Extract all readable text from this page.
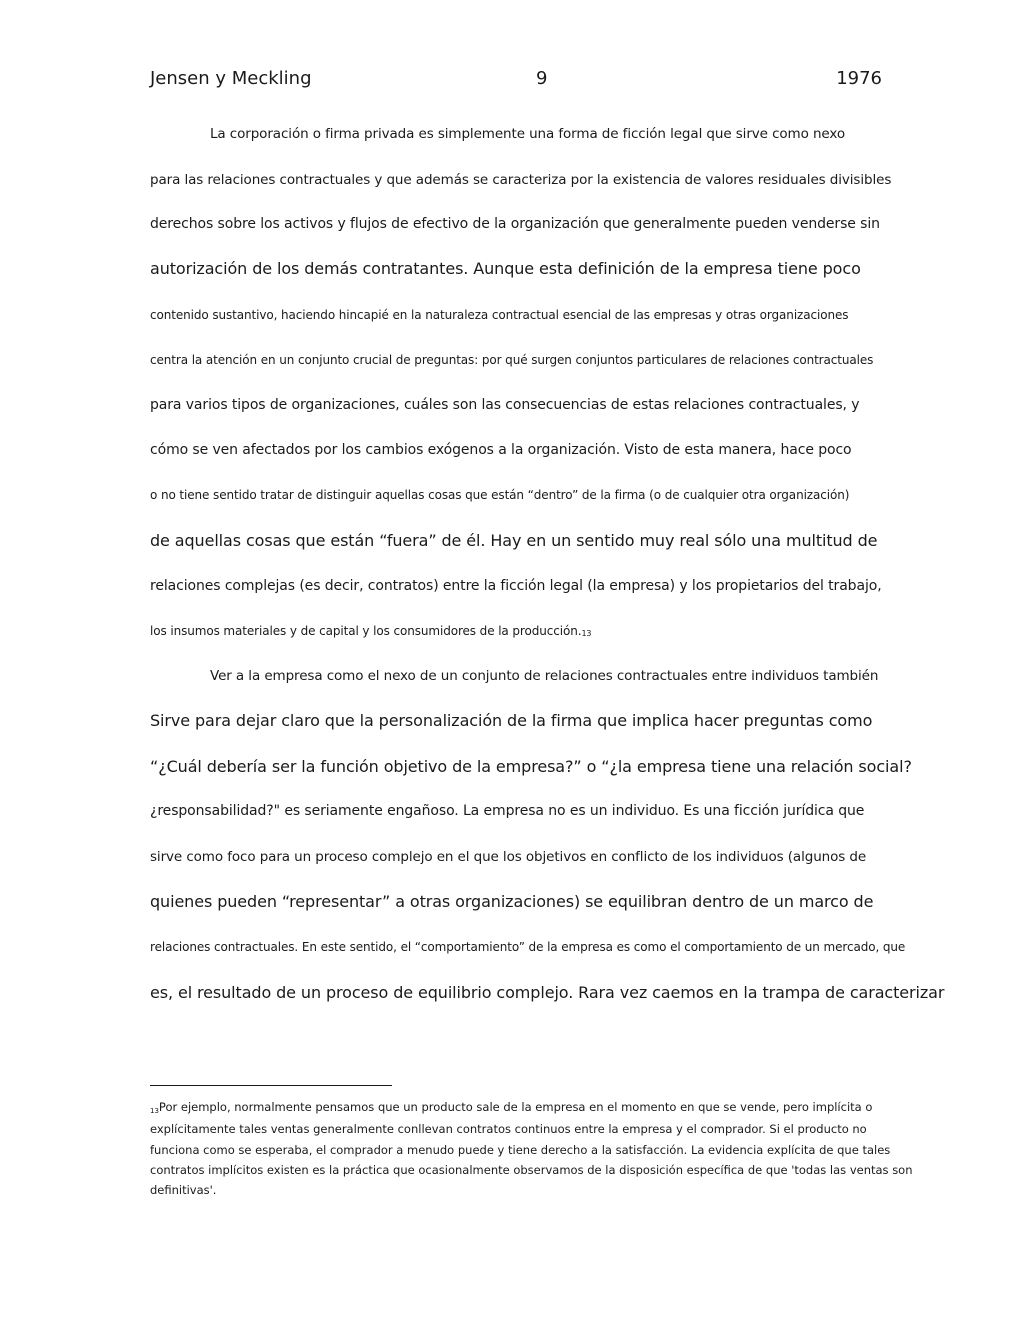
Jensen y Meckling	9	1976
La corporación o firma privada es simplemente una forma de ficción legal que sirve como nexo
para las relaciones contractuales y que además se caracteriza por la existencia de valores residuales divisibles
derechos sobre los activos y flujos de efectivo de la organización que generalmente pueden venderse sin
autorización de los demás contratantes. Aunque esta definición de la empresa tiene poco
contenido sustantivo, haciendo hincapié en la naturaleza contractual esencial de las empresas y otras organizaciones
centra la atención en un conjunto crucial de preguntas: por qué surgen conjuntos particulares de relaciones contractuales
para varios tipos de organizaciones, cuáles son las consecuencias de estas relaciones contractuales, y
cómo se ven afectados por los cambios exógenos a la organización. Visto de esta manera, hace poco
o no tiene sentido tratar de distinguir aquellas cosas que están “dentro” de la firma (o de cualquier otra organización)
de aquellas cosas que están “fuera” de él. Hay en un sentido muy real sólo una multitud de
relaciones complejas (es decir, contratos) entre la ficción legal (la empresa) y los propietarios del trabajo,
los insumos materiales y de capital y los consumidores de la producción.13
Ver a la empresa como el nexo de un conjunto de relaciones contractuales entre individuos también
Sirve para dejar claro que la personalización de la firma que implica hacer preguntas como
“¿Cuál debería ser la función objetivo de la empresa?” o “¿la empresa tiene una relación social?
¿responsabilidad?" es seriamente engañoso. La empresa no es un individuo. Es una ficción jurídica que
sirve como foco para un proceso complejo en el que los objetivos en conflicto de los individuos (algunos de
quienes pueden “representar” a otras organizaciones) se equilibran dentro de un marco de
relaciones contractuales. En este sentido, el “comportamiento” de la empresa es como el comportamiento de un mercado, que
es, el resultado de un proceso de equilibrio complejo. Rara vez caemos en la trampa de caracterizar
13Por ejemplo, normalmente pensamos que un producto sale de la empresa en el momento en que se vende, pero implícita o
explícitamente tales ventas generalmente conllevan contratos continuos entre la empresa y el comprador. Si el producto no
funciona como se esperaba, el comprador a menudo puede y tiene derecho a la satisfacción. La evidencia explícita de que tales
contratos implícitos existen es la práctica que ocasionalmente observamos de la disposición específica de que 'todas las ventas son
definitivas'.
